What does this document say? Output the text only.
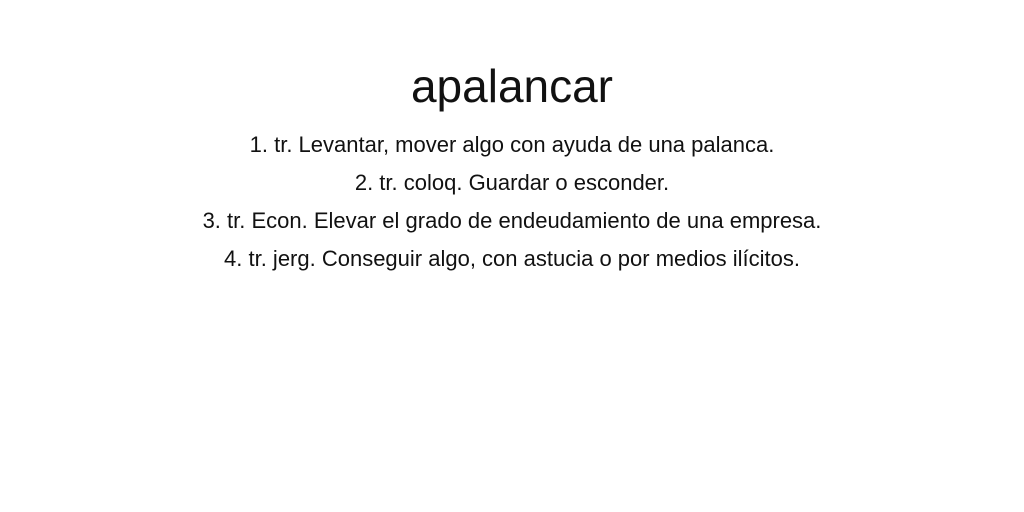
apalancar
1. tr. Levantar, mover algo con ayuda de una palanca.
2. tr. coloq. Guardar o esconder.
3. tr. Econ. Elevar el grado de endeudamiento de una empresa.
4. tr. jerg. Conseguir algo, con astucia o por medios ilícitos.
